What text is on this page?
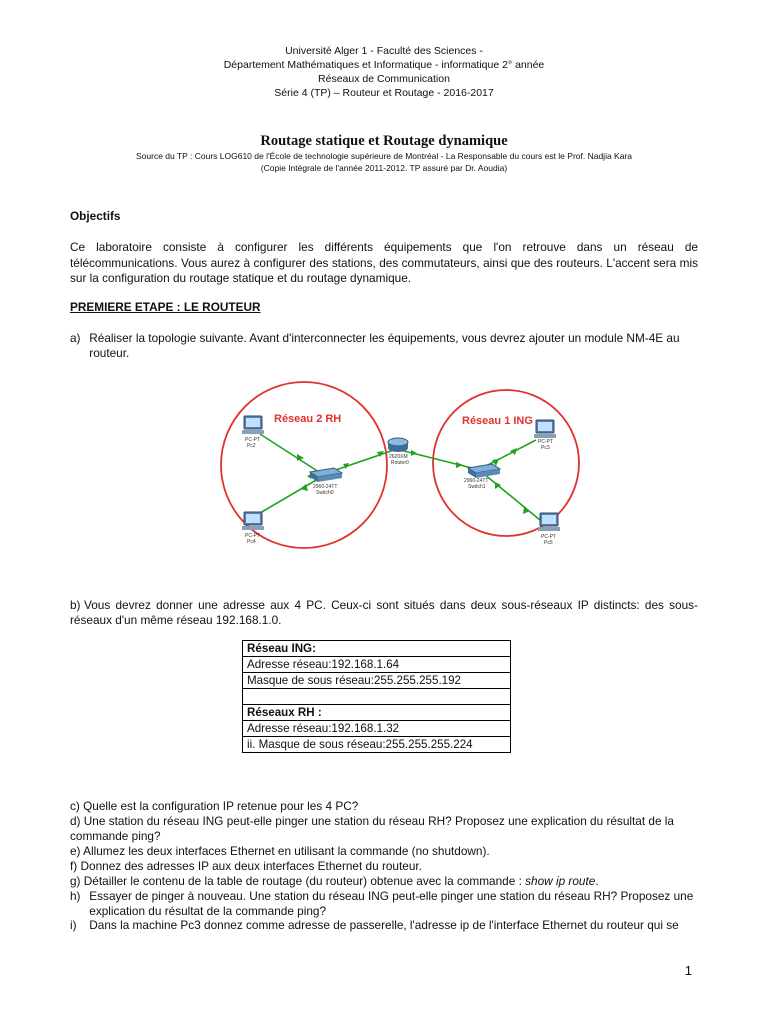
Université Alger 1 - Faculté des Sciences -
Département Mathématiques et Informatique - informatique 2° année
Réseaux de Communication
Série 4 (TP) – Routeur et Routage - 2016-2017
Routage statique et Routage dynamique
Source du TP : Cours LOG610 de l'École de technologie supérieure de Montréal - La Responsable du cours est le Prof. Nadjia Kara
(Copie Intégrale de l'année 2011-2012. TP assuré par Dr. Aoudia)
Objectifs
Ce laboratoire consiste à configurer les différents équipements que l'on retrouve dans un réseau de télécommunications. Vous aurez à configurer des stations, des commutateurs, ainsi que des routeurs. L'accent sera mis sur la configuration du routage statique et du routage dynamique.
PREMIERE ETAPE : LE ROUTEUR
a) Réaliser la topologie suivante. Avant d'interconnecter les équipements, vous devrez ajouter un module NM-4E au routeur.
Réseau 2 RH	Réseau 1 ING
PC-PT
Pc2
PC-PT
Pc4
2960-24TT
Switch0
2620XM
Router0
2960-24TT
Switch1
PC-PT
Pc3
PC-PT
Pc5
b) Vous devrez donner une adresse aux 4 PC. Ceux-ci sont situés dans deux sous-réseaux IP distincts: des sous-réseaux d'un même réseau 192.168.1.0.
Réseau ING:
Adresse réseau:192.168.1.64
Masque de sous réseau:255.255.255.192

Réseaux RH :
Adresse réseau:192.168.1.32
ii. Masque de sous réseau:255.255.255.224
c) Quelle est la configuration IP retenue pour les 4 PC?
d) Une station du réseau ING peut-elle pinger une station du réseau RH? Proposez une explication du résultat de la commande ping?
e) Allumez les deux interfaces Ethernet en utilisant la commande (no shutdown).
f) Donnez des adresses IP aux deux interfaces Ethernet du routeur.
g) Détailler le contenu de la table de routage (du routeur) obtenue avec la commande : show ip route.
h) Essayer de pinger à nouveau. Une station du réseau ING peut-elle pinger une station du réseau RH? Proposez une explication du résultat de la commande ping?
i) Dans la machine Pc3 donnez comme adresse de passerelle, l'adresse ip de l'interface Ethernet du routeur qui se
1
